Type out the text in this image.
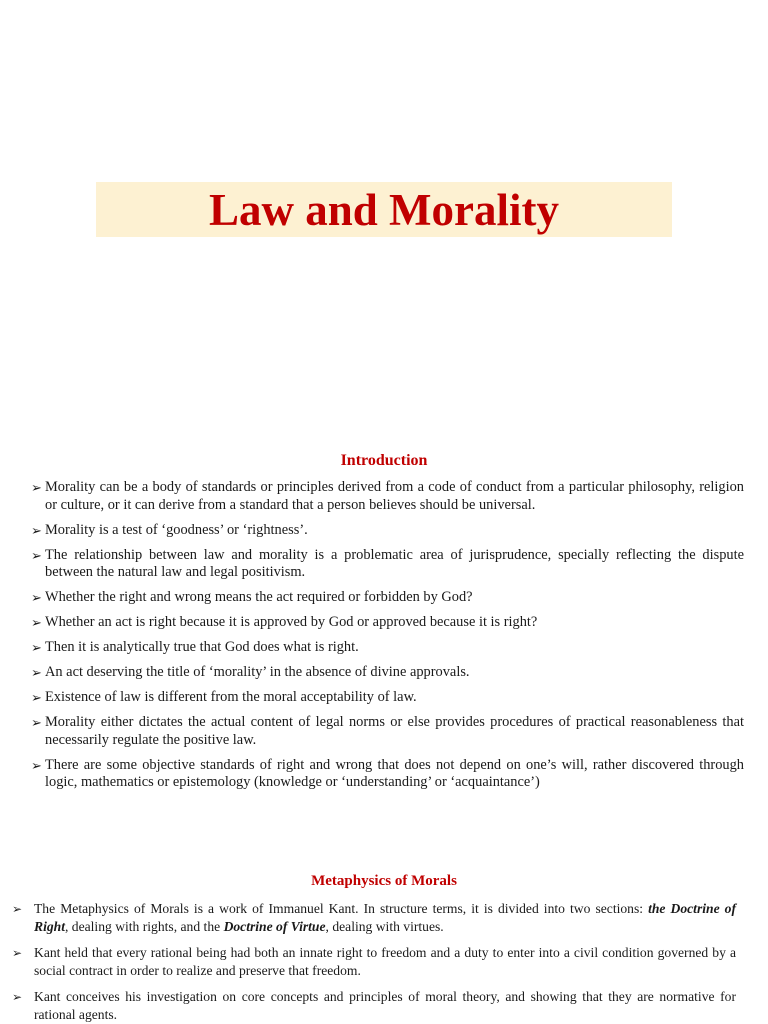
Law and Morality
Introduction
➢ Morality can be a body of standards or principles derived from a code of conduct from a particular philosophy, religion or culture, or it can derive from a standard that a person believes should be universal.
➢ Morality is a test of ‘goodness’ or ‘rightness’.
➢ The relationship between law and morality is a problematic area of jurisprudence, specially reflecting the dispute between the natural law and legal positivism.
➢ Whether the right and wrong means the act required or forbidden by God?
➢ Whether an act is right because it is approved by God or approved because it is right?
➢ Then it is analytically true that God does what is right.
➢ An act deserving the title of ‘morality’ in the absence of divine approvals.
➢ Existence of law is different from the moral acceptability of law.
➢ Morality either dictates the actual content of legal norms or else provides procedures of practical reasonableness that necessarily regulate the positive law.
➢ There are some objective standards of right and wrong that does not depend on one’s will, rather discovered through logic, mathematics or epistemology (knowledge or ‘understanding’ or ‘acquaintance’)
Metaphysics of Morals
➢ The Metaphysics of Morals is a work of Immanuel Kant. In structure terms, it is divided into two sections: the Doctrine of Right, dealing with rights, and the Doctrine of Virtue, dealing with virtues.
➢ Kant held that every rational being had both an innate right to freedom and a duty to enter into a civil condition governed by a social contract in order to realize and preserve that freedom.
➢ Kant conceives his investigation on core concepts and principles of moral theory, and showing that they are normative for rational agents.
